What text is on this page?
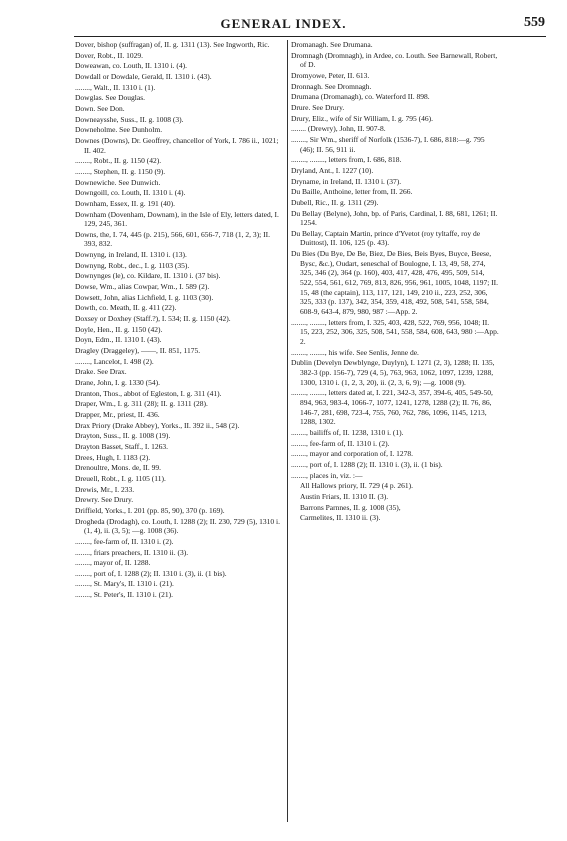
GENERAL INDEX.	559

Dover, bishop (suffragan) of, II. g. 1311 (13). See Ingworth, Ric.

Dover, Robt., II. 1029.

Doweawan, co. Louth, II. 1310 i. (4).

Dowdall or Dowdale, Gerald, II. 1310 i. (43).

........, Walt., II. 1310 i. (1).

Dowglas. See Douglas.

Down. See Don.

Downeaysshe, Suss., II. g. 1008 (3).

Downeholme. See Dunholm.

Downes (Downs), Dr. Geoffrey, chancellor of York, I. 786 ii., 1021; II. 402.

........, Robt., II. g. 1150 (42).

........, Stephen, II. g. 1150 (9).

Downewiche. See Dunwich.

Downgoill, co. Louth, II. 1310 i. (4).

Downham, Essex, II. g. 191 (40).

Downham (Dovenham, Downam), in the Isle of Ely, letters dated, I. 129, 245, 361.

Downs, the, I. 74, 445 (p. 215), 566, 601, 656-7, 718 (1, 2, 3); II. 393, 832.

Downyng, in Ireland, II. 1310 i. (13).

Downyng, Robt., dec., I. g. 1103 (35).

Downynges (le), co. Kildare, II. 1310 i. (37 bis).

Dowse, Wm., alias Cowpar, Wm., I. 589 (2).

Dowsett, John, alias Lichfield, I. g. 1103 (30).

Dowth, co. Meath, II. g. 411 (22).

Doxsey or Doxhey (Staff.?), I. 534; II. g. 1150 (42).

Doyle, Hen., II. g. 1150 (42).

Doyn, Edm., II. 1310 I. (43).

Dragley (Draggeley), ——, II. 851, 1175.

........, Lancelot, I. 498 (2).

Drake. See Drax.

Drane, John, I. g. 1330 (54).

Dranton, Thos., abbot of Egleston, I. g. 311 (41).

Draper, Wm., I. g. 311 (28); II. g. 1311 (28).

Drapper, Mr., priest, II. 436.

Drax Priory (Drake Abbey), Yorks., II. 392 ii., 548 (2).

Drayton, Suss., II. g. 1008 (19).

Drayton Basset, Staff., I. 1263.

Drees, Hugh, I. 1183 (2).

Drenoultre, Mons. de, II. 99.

Dreuell, Robt., I. g. 1105 (11).

Drewis, Mr., I. 233.

Drewry. See Drury.

Driffield, Yorks., I. 201 (pp. 85, 90), 370 (p. 169).

Drogheda (Drodagh), co. Louth, I. 1288 (2); II. 230, 729 (5), 1310 i. (1, 4), ii. (3, 5); —g. 1008 (36).

........, fee-farm of, II. 1310 i. (2).

........, friars preachers, II. 1310 ii. (3).

........, mayor of, II. 1288.

........, port of, I. 1288 (2); II. 1310 i. (3), ii. (1 bis).

........, St. Mary's, II. 1310 i. (21).

........, St. Peter's, II. 1310 i. (21).

Dromanagh. See Drumana.

Dromnagh (Dromnagh), in Ardee, co. Louth. See Barnewall, Robert, of D.

Dromyowe, Peter, II. 613.

Dronnagh. See Dromnagh.

Drumana (Dromanagh), co. Waterford II. 898.

Drure. See Drury.

Drury, Eliz., wife of Sir William, I. g. 795 (46).

........ (Drewry), John, II. 907-8.

........, Sir Wm., sheriff of Norfolk (1536-7), I. 686, 818:—g. 795 (46); II. 56, 911 ii.

........, ........, letters from, I. 686, 818.

Dryland, Ant., I. 1227 (10).

Dryname, in Ireland, II. 1310 i. (37).

Du Baille, Anthoine, letter from, II. 266.

Dubell, Ric., II. g. 1311 (29).

Du Bellay (Belyne), John, bp. of Paris, Cardinal, I. 88, 681, 1261; II. 1254.

Du Bellay, Captain Martin, prince d'Yvetot (roy tyltaffe, roy de Duittost), II. 106, 125 (p. 43).

Du Bies (Du Bye, De Be, Biez, De Bies, Beis Byes, Buyce, Beese, Bysc, &c.), Oudart, seneschal of Boulogne, I. 13, 49, 58, 274, 325, 346 (2), 364 (p. 160), 403, 417, 428, 476, 495, 509, 514, 522, 554, 561, 612, 769, 813, 826, 956, 961, 1005, 1048, 1197; II. 15, 48 (the captain), 113, 117, 121, 149, 210 ii., 223, 252, 306, 325, 333 (p. 137), 342, 354, 359, 418, 492, 508, 541, 558, 584, 608-9, 643-4, 879, 980, 987 :—App. 2.

........, ........, letters from, I. 325, 403, 428, 522, 769, 956, 1048; II. 15, 223, 252, 306, 325, 508, 541, 558, 584, 608, 643, 980 :—App. 2.

........, ........, his wife. See Senlis, Jenne de.

Dublin (Develyn Dewblynge, Duylyn), I. 1271 (2, 3), 1288; II. 135, 382-3 (pp. 156-7), 729 (4, 5), 763, 963, 1062, 1097, 1239, 1288, 1300, 1310 i. (1, 2, 3, 20), ii. (2, 3, 6, 9); —g. 1008 (9).

........, ........, letters dated at, I. 221, 342-3, 357, 394-6, 405, 549-50, 894, 963, 983-4, 1066-7, 1077, 1241, 1278, 1288 (2); II. 76, 86, 146-7, 281, 698, 723-4, 755, 760, 762, 786, 1096, 1145, 1213, 1288, 1302.

........, bailiffs of, II. 1238, 1310 i. (1).

........, fee-farm of, II. 1310 i. (2).

........, mayor and corporation of, I. 1278.

........, port of, I. 1288 (2); II. 1310 i. (3), ii. (1 bis).

........, places in, viz. :—

All Hallows priory, II. 729 (4 p. 261).

Austin Friars, II. 1310 II. (3).

Barrons Parnnes, II. g. 1008 (35),

Carmelites, II. 1310 ii. (3).
